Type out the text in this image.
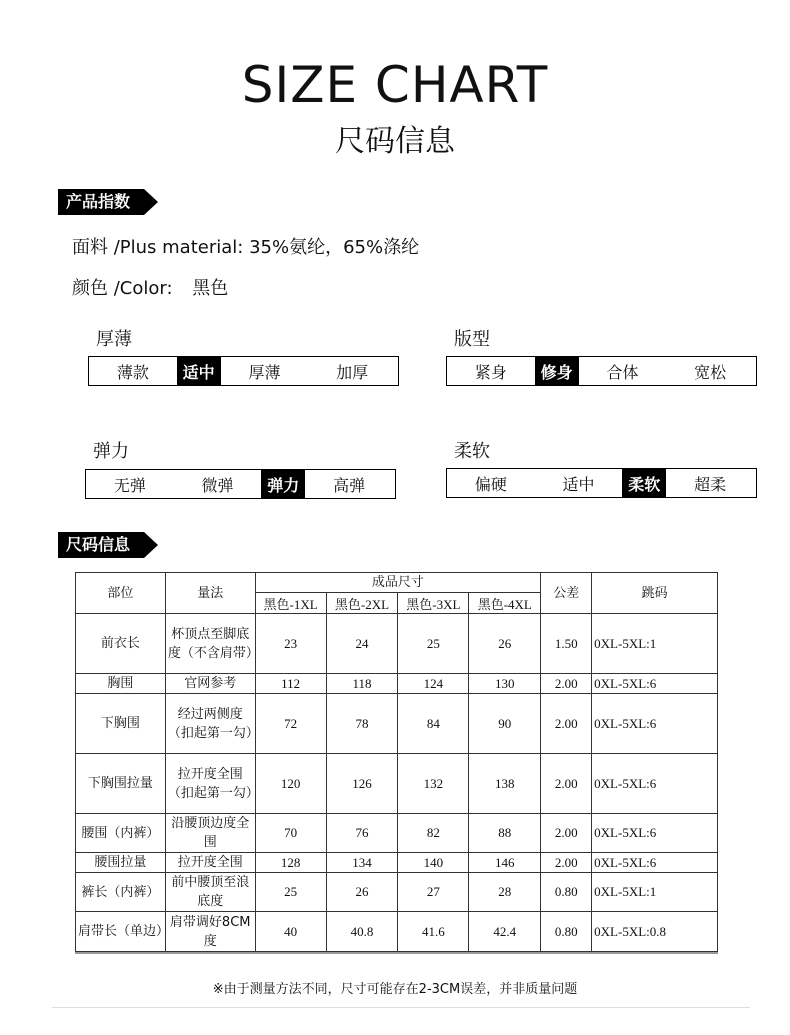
SIZE CHART
尺码信息
产品指数
面料 /Plus material: 35%氨纶，65%涤纶
颜色 /Color: 黑色
厚薄
薄款	适中	厚薄	加厚
版型
紧身	修身	合体	宽松
弹力
无弹	微弹	弹力	高弹
柔软
偏硬	适中	柔软	超柔
尺码信息
部位	量法	成品尺寸				公差	跳码
		黑色-1XL	黑色-2XL	黑色-3XL	黑色-4XL		
前衣长	杯顶点至脚底度（不含肩带）	23	24	25	26	1.50	0XL-5XL:1
胸围	官网参考	112	118	124	130	2.00	0XL-5XL:6
下胸围	经过两侧度（扣起第一勾）	72	78	84	90	2.00	0XL-5XL:6
下胸围拉量	拉开度全围（扣起第一勾）	120	126	132	138	2.00	0XL-5XL:6
腰围（内裤）	沿腰顶边度全围	70	76	82	88	2.00	0XL-5XL:6
腰围拉量	拉开度全围	128	134	140	146	2.00	0XL-5XL:6
裤长（内裤）	前中腰顶至浪底度	25	26	27	28	0.80	0XL-5XL:1
肩带长（单边）	肩带调好8CM度	40	40.8	41.6	42.4	0.80	0XL-5XL:0.8
※由于测量方法不同，尺寸可能存在2-3CM误差，并非质量问题
